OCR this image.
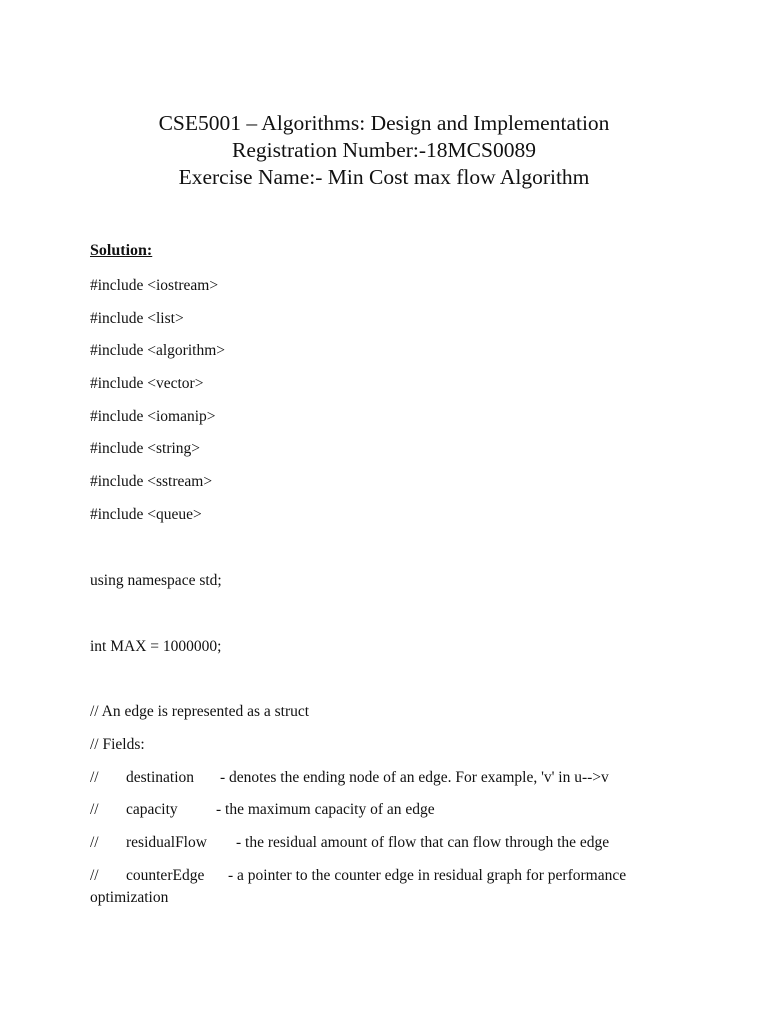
CSE5001 – Algorithms: Design and Implementation
Registration Number:-18MCS0089
Exercise Name:- Min Cost max flow Algorithm
Solution:
#include <iostream>
#include <list>
#include <algorithm>
#include <vector>
#include <iomanip>
#include <string>
#include <sstream>
#include <queue>
using namespace std;
int MAX = 1000000;
// An edge is represented as a struct
// Fields:
// destination - denotes the ending node of an edge. For example, 'v' in u-->v
// capacity - the maximum capacity of an edge
// residualFlow - the residual amount of flow that can flow through the edge
// counterEdge - a pointer to the counter edge in residual graph for performance optimization
